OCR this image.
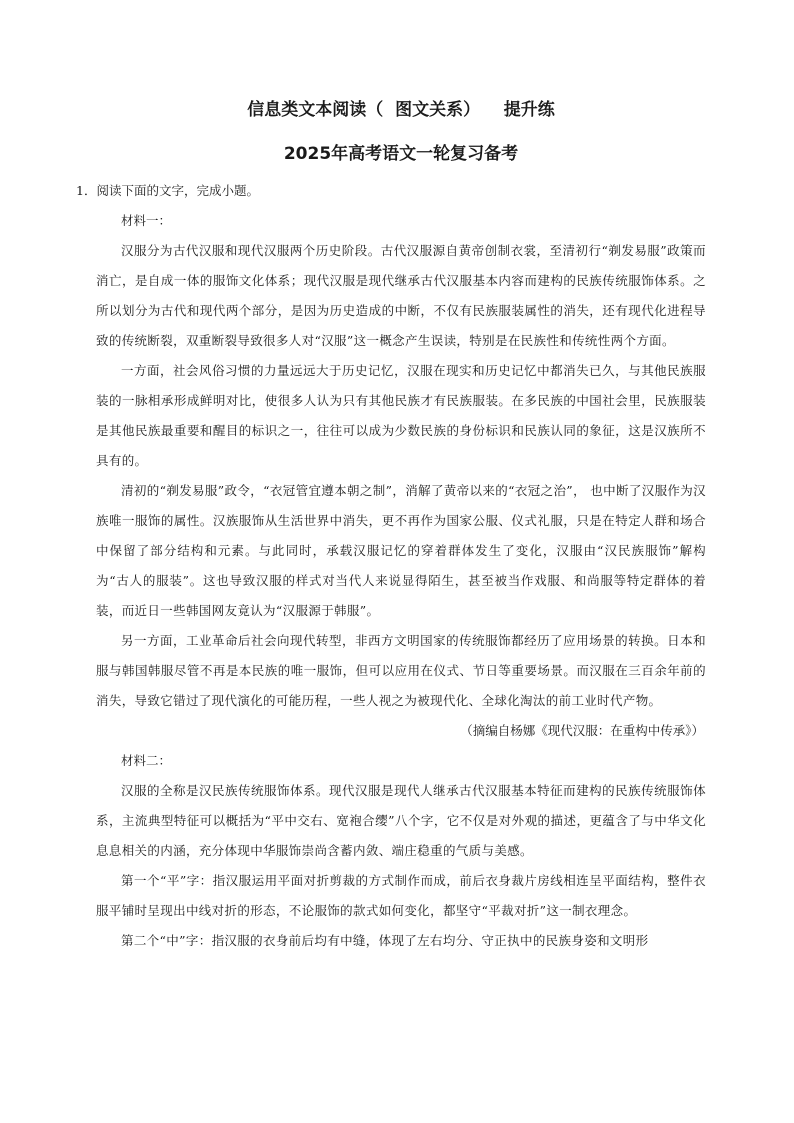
信息类文本阅读（  图文关系）    提升练
2025年高考语文一轮复习备考

1．阅读下面的文字，完成小题。

材料一：

汉服分为古代汉服和现代汉服两个历史阶段。古代汉服源自黄帝创制衣裳，至清初行“剃发易服”政策而消亡，是自成一体的服饰文化体系；现代汉服是现代继承古代汉服基本内容而建构的民族传统服饰体系。之所以划分为古代和现代两个部分，是因为历史造成的中断，不仅有民族服装属性的消失，还有现代化进程导致的传统断裂，双重断裂导致很多人对“汉服”这一概念产生误读，特别是在民族性和传统性两个方面。

一方面，社会风俗习惯的力量远远大于历史记忆，汉服在现实和历史记忆中都消失已久，与其他民族服装的一脉相承形成鲜明对比，使很多人认为只有其他民族才有民族服装。在多民族的中国社会里，民族服装是其他民族最重要和醒目的标识之一，往往可以成为少数民族的身份标识和民族认同的象征，这是汉族所不具有的。

清初的“剃发易服”政令，“衣冠管宜遵本朝之制”，消解了黄帝以来的“衣冠之治”， 也中断了汉服作为汉族唯一服饰的属性。汉族服饰从生活世界中消失，更不再作为国家公服、仪式礼服，只是在特定人群和场合中保留了部分结构和元素。与此同时，承载汉服记忆的穿着群体发生了变化，汉服由“汉民族服饰”解构为“古人的服装”。这也导致汉服的样式对当代人来说显得陌生，甚至被当作戏服、和尚服等特定群体的着装，而近日一些韩国网友竟认为“汉服源于韩服”。

另一方面，工业革命后社会向现代转型，非西方文明国家的传统服饰都经历了应用场景的转换。日本和服与韩国韩服尽管不再是本民族的唯一服饰，但可以应用在仪式、节日等重要场景。而汉服在三百余年前的消失，导致它错过了现代演化的可能历程，一些人视之为被现代化、全球化淘汰的前工业时代产物。

（摘编自杨娜《现代汉服：在重构中传承》）

材料二：

汉服的全称是汉民族传统服饰体系。现代汉服是现代人继承古代汉服基本特征而建构的民族传统服饰体系，主流典型特征可以概括为“平中交右、宽袍合缨”八个字，它不仅是对外观的描述，更蕴含了与中华文化息息相关的内涵，充分体现中华服饰崇尚含蓄内敛、端庄稳重的气质与美感。

第一个“平”字：指汉服运用平面对折剪裁的方式制作而成，前后衣身裁片房线相连呈平面结构，整件衣服平铺时呈现出中线对折的形态，不论服饰的款式如何变化，都坚守“平裁对折”这一制衣理念。

第二个“中”字：指汉服的衣身前后均有中缝，体现了左右均分、守正执中的民族身姿和文明形
